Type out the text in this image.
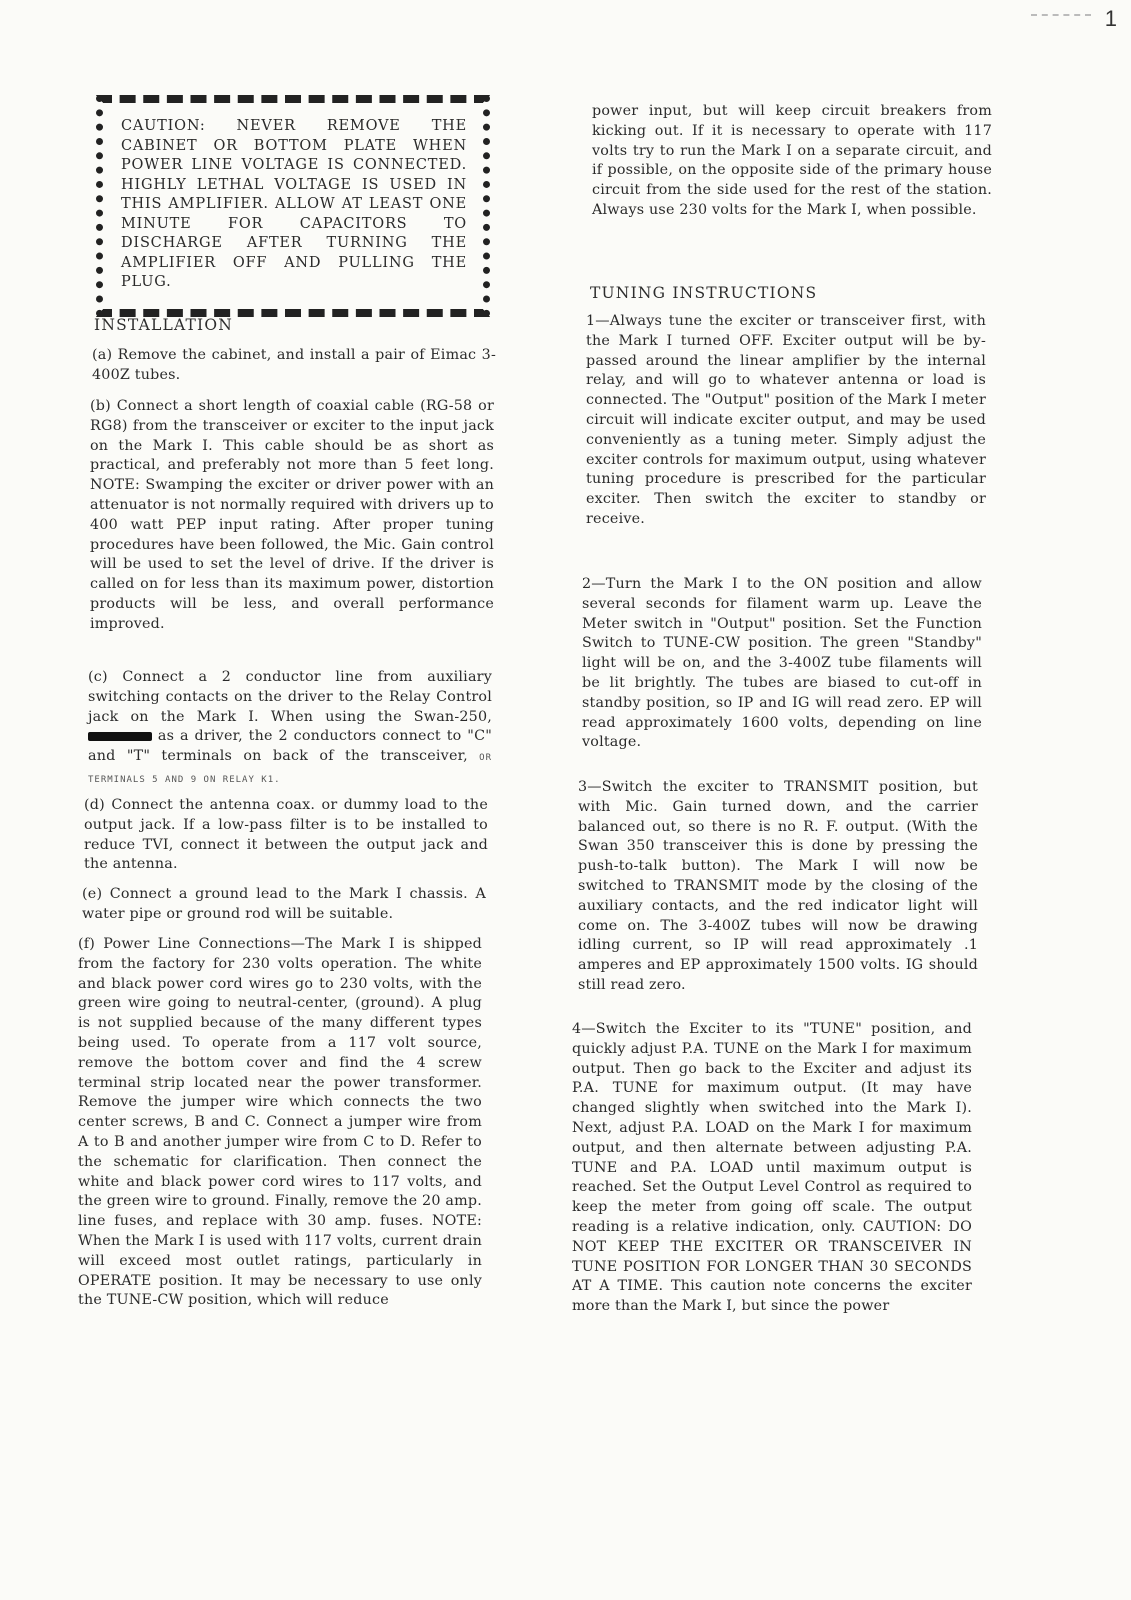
1
CAUTION: NEVER REMOVE THE CABINET OR BOTTOM PLATE WHEN POWER LINE VOLTAGE IS CONNECTED. HIGHLY LETHAL VOLTAGE IS USED IN THIS AMPLIFIER. ALLOW AT LEAST ONE MINUTE FOR CAPACITORS TO DISCHARGE AFTER TURNING THE AMPLIFIER OFF AND PULLING THE PLUG.
INSTALLATION
(a) Remove the cabinet, and install a pair of Eimac 3-400Z tubes.
(b) Connect a short length of coaxial cable (RG-58 or RG8) from the transceiver or exciter to the input jack on the Mark I. This cable should be as short as practical, and preferably not more than 5 feet long. NOTE: Swamping the exciter or driver power with an attenuator is not normally required with drivers up to 400 watt PEP input rating. After proper tuning procedures have been followed, the Mic. Gain control will be used to set the level of drive. If the driver is called on for less than its maximum power, distortion products will be less, and overall performance improved.
(c) Connect a 2 conductor line from auxiliary switching contacts on the driver to the Relay Control jack on the Mark I. When using the Swan-250,  as a driver, the 2 conductors connect to "C" and "T" terminals on back of the transceiver, OR TERMINALS 5 AND 9 ON RELAY K1.
(d) Connect the antenna coax. or dummy load to the output jack. If a low-pass filter is to be installed to reduce TVI, connect it between the output jack and the antenna.
(e) Connect a ground lead to the Mark I chassis. A water pipe or ground rod will be suitable.
(f) Power Line Connections—The Mark I is shipped from the factory for 230 volts operation. The white and black power cord wires go to 230 volts, with the green wire going to neutral-center, (ground). A plug is not supplied because of the many different types being used. To operate from a 117 volt source, remove the bottom cover and find the 4 screw terminal strip located near the power transformer. Remove the jumper wire which connects the two center screws, B and C. Connect a jumper wire from A to B and another jumper wire from C to D. Refer to the schematic for clarification. Then connect the white and black power cord wires to 117 volts, and the green wire to ground. Finally, remove the 20 amp. line fuses, and replace with 30 amp. fuses. NOTE: When the Mark I is used with 117 volts, current drain will exceed most outlet ratings, particularly in OPERATE position. It may be necessary to use only the TUNE-CW position, which will reduce
power input, but will keep circuit breakers from kicking out. If it is necessary to operate with 117 volts try to run the Mark I on a separate circuit, and if possible, on the opposite side of the primary house circuit from the side used for the rest of the station. Always use 230 volts for the Mark I, when possible.
TUNING INSTRUCTIONS
1—Always tune the exciter or transceiver first, with the Mark I turned OFF. Exciter output will be by-passed around the linear amplifier by the internal relay, and will go to whatever antenna or load is connected. The "Output" position of the Mark I meter circuit will indicate exciter output, and may be used conveniently as a tuning meter. Simply adjust the exciter controls for maximum output, using whatever tuning procedure is prescribed for the particular exciter. Then switch the exciter to standby or receive.
2—Turn the Mark I to the ON position and allow several seconds for filament warm up. Leave the Meter switch in "Output" position. Set the Function Switch to TUNE-CW position. The green "Standby" light will be on, and the 3-400Z tube filaments will be lit brightly. The tubes are biased to cut-off in standby position, so IP and IG will read zero. EP will read approximately 1600 volts, depending on line voltage.
3—Switch the exciter to TRANSMIT position, but with Mic. Gain turned down, and the carrier balanced out, so there is no R. F. output. (With the Swan 350 transceiver this is done by pressing the push-to-talk button). The Mark I will now be switched to TRANSMIT mode by the closing of the auxiliary contacts, and the red indicator light will come on. The 3-400Z tubes will now be drawing idling current, so IP will read approximately .1 amperes and EP approximately 1500 volts. IG should still read zero.
4—Switch the Exciter to its "TUNE" position, and quickly adjust P.A. TUNE on the Mark I for maximum output. Then go back to the Exciter and adjust its P.A. TUNE for maximum output. (It may have changed slightly when switched into the Mark I). Next, adjust P.A. LOAD on the Mark I for maximum output, and then alternate between adjusting P.A. TUNE and P.A. LOAD until maximum output is reached. Set the Output Level Control as required to keep the meter from going off scale. The output reading is a relative indication, only. CAUTION: DO NOT KEEP THE EXCITER OR TRANSCEIVER IN TUNE POSITION FOR LONGER THAN 30 SECONDS AT A TIME. This caution note concerns the exciter more than the Mark I, but since the power
